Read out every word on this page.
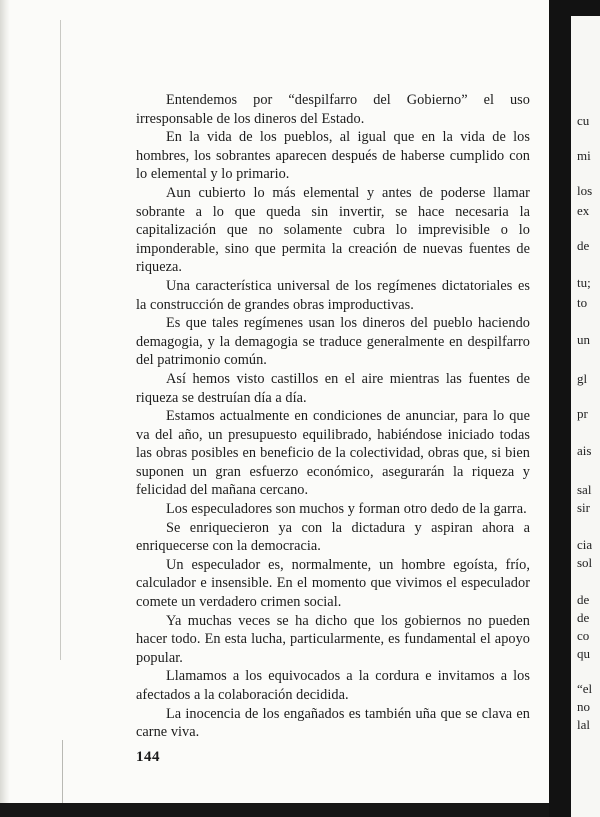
Entendemos por “despilfarro del Gobierno” el uso irresponsable de los dineros del Estado.

En la vida de los pueblos, al igual que en la vida de los hombres, los sobrantes aparecen después de haberse cumplido con lo elemental y lo primario.

Aun cubierto lo más elemental y antes de poderse llamar sobrante a lo que queda sin invertir, se hace necesaria la capitalización que no solamente cubra lo imprevisible o lo imponderable, sino que permita la creación de nuevas fuentes de riqueza.

Una característica universal de los regímenes dictatoriales es la construcción de grandes obras improductivas.

Es que tales regímenes usan los dineros del pueblo haciendo demagogia, y la demagogia se traduce generalmente en despilfarro del patrimonio común.

Así hemos visto castillos en el aire mientras las fuentes de riqueza se destruían día a día.

Estamos actualmente en condiciones de anunciar, para lo que va del año, un presupuesto equilibrado, habiéndose iniciado todas las obras posibles en beneficio de la colectividad, obras que, si bien suponen un gran esfuerzo económico, asegurarán la riqueza y felicidad del mañana cercano.

Los especuladores son muchos y forman otro dedo de la garra.

Se enriquecieron ya con la dictadura y aspiran ahora a enriquecerse con la democracia.

Un especulador es, normalmente, un hombre egoísta, frío, calculador e insensible. En el momento que vivimos el especulador comete un verdadero crimen social.

Ya muchas veces se ha dicho que los gobiernos no pueden hacer todo. En esta lucha, particularmente, es fundamental el apoyo popular.

Llamamos a los equivocados a la cordura e invitamos a los afectados a la colaboración decidida.

La inocencia de los engañados es también uña que se clava en carne viva.

144
cu
mi
los
ex
de
tu;
to
un
gl
pr
ais
sal
sir
cia
sol
de
de
co
qu
“el
no
lal
